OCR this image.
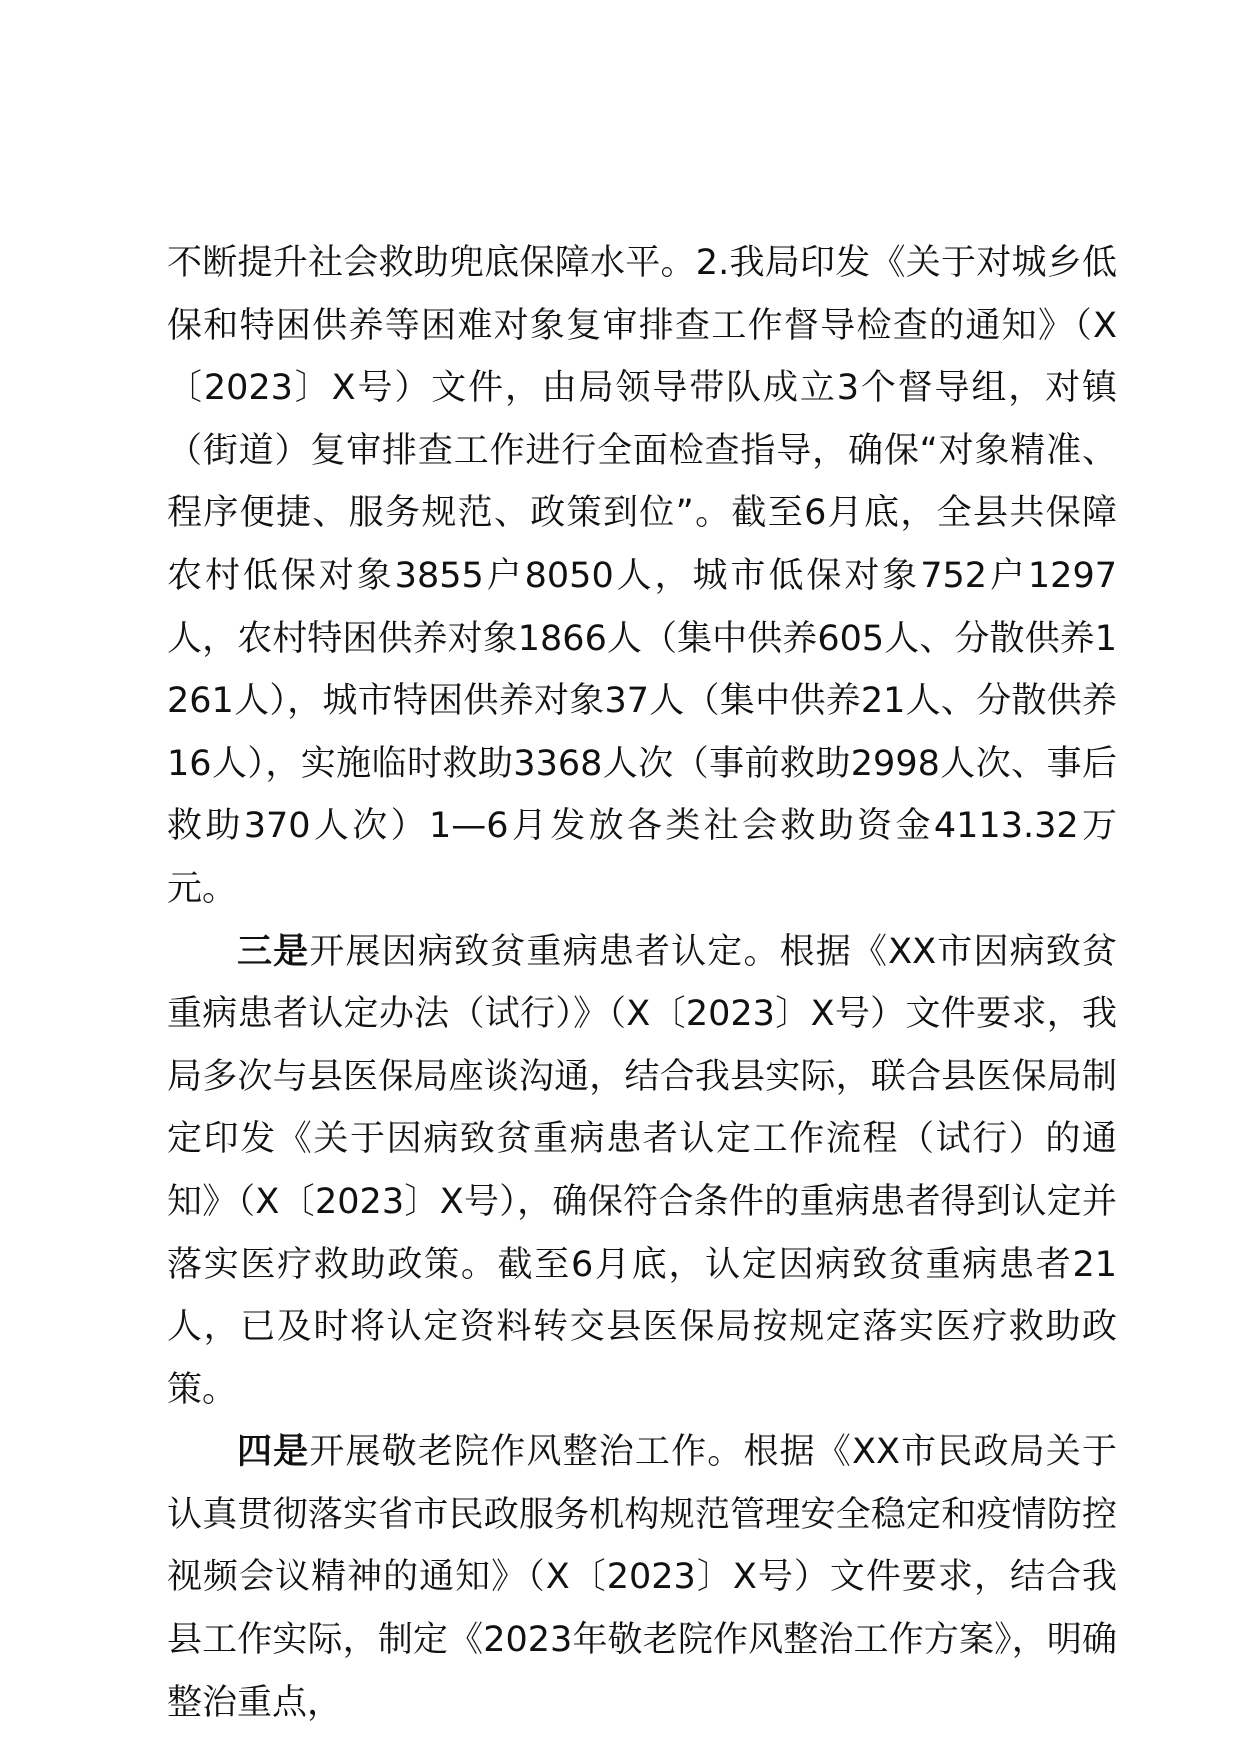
不断提升社会救助兜底保障水平。2.我局印发《关于对城乡低保和特困供养等困难对象复审排查工作督导检查的通知》（X〔2023〕X号）文件，由局领导带队成立3个督导组，对镇（街道）复审排查工作进行全面检查指导，确保“对象精准、程序便捷、服务规范、政策到位”。截至6月底，全县共保障农村低保对象3855户8050人，城市低保对象752户1297人，农村特困供养对象1866人（集中供养605人、分散供养1261人），城市特困供养对象37人（集中供养21人、分散供养16人），实施临时救助3368人次（事前救助2998人次、事后救助370人次）1—6月发放各类社会救助资金4113.32万元。

三是开展因病致贫重病患者认定。根据《XX市因病致贫重病患者认定办法（试行）》（X〔2023〕X号）文件要求，我局多次与县医保局座谈沟通，结合我县实际，联合县医保局制定印发《关于因病致贫重病患者认定工作流程（试行）的通知》（X〔2023〕X号），确保符合条件的重病患者得到认定并落实医疗救助政策。截至6月底，认定因病致贫重病患者21人，已及时将认定资料转交县医保局按规定落实医疗救助政策。

四是开展敬老院作风整治工作。根据《XX市民政局关于认真贯彻落实省市民政服务机构规范管理安全稳定和疫情防控视频会议精神的通知》（X〔2023〕X号）文件要求，结合我县工作实际，制定《2023年敬老院作风整治工作方案》，明确整治重点，
